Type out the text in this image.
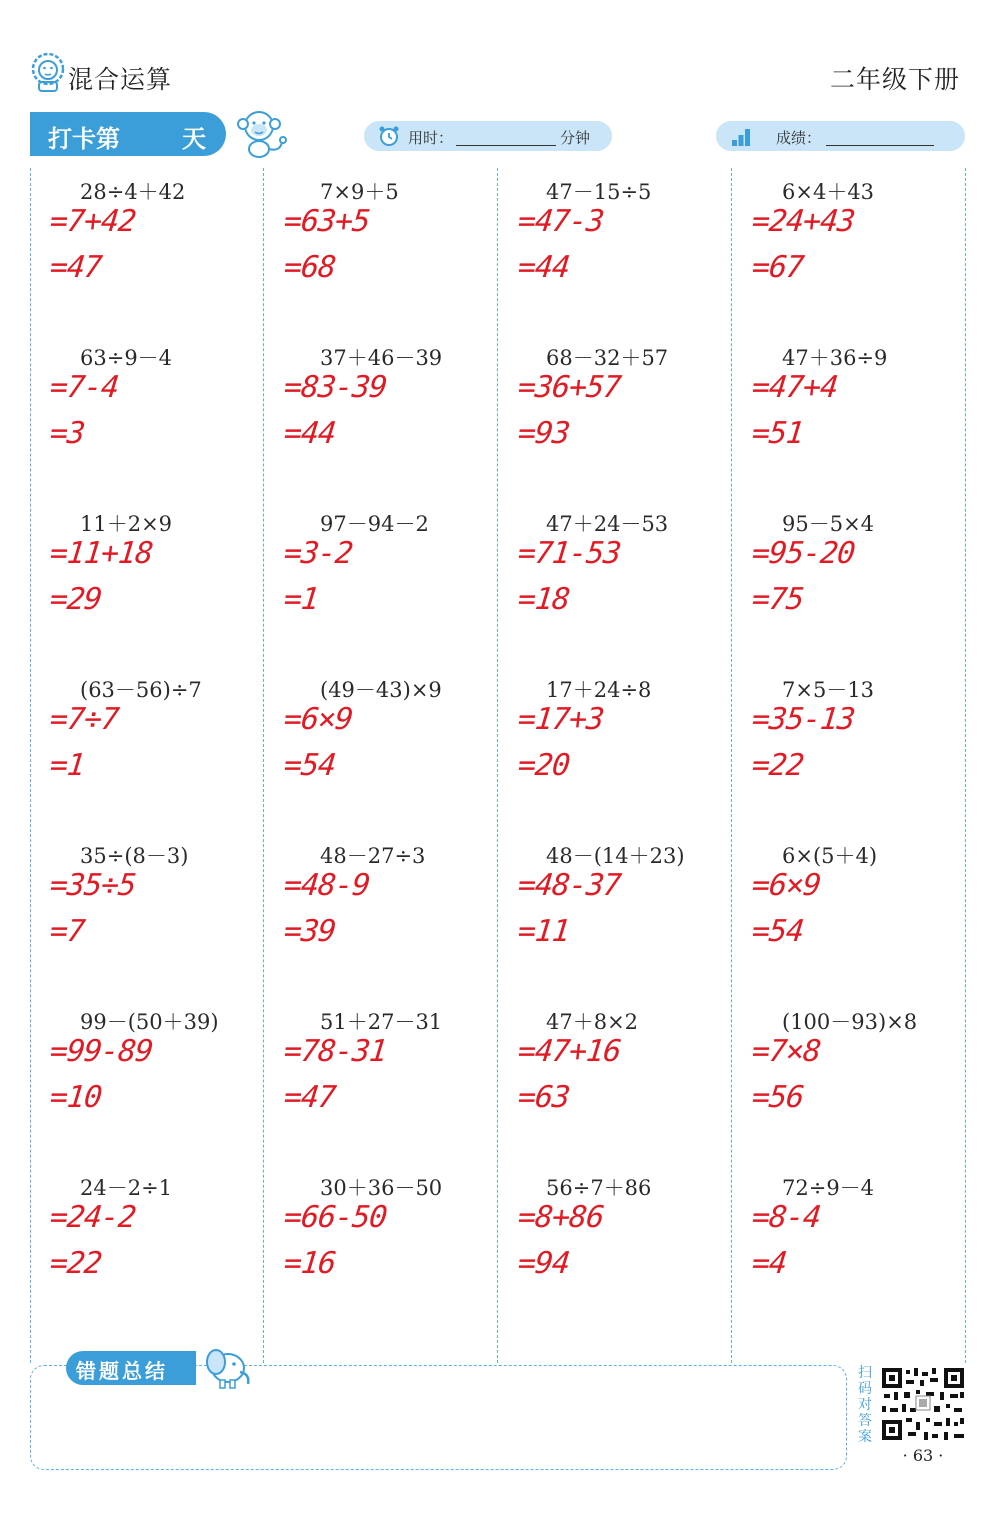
混合运算	二年级下册
打卡第	天	用时：	分钟	成绩：
28÷4＋42
=7+42
=47
7×9＋5
=63+5
=68
47－15÷5
=47-3
=44
6×4＋43
=24+43
=67
63÷9－4
=7-4
=3
37＋46－39
=83-39
=44
68－32＋57
=36+57
=93
47＋36÷9
=47+4
=51
11＋2×9
=11+18
=29
97－94－2
=3-2
=1
47＋24－53
=71-53
=18
95－5×4
=95-20
=75
(63－56)÷7
=7÷7
=1
(49－43)×9
=6×9
=54
17＋24÷8
=17+3
=20
7×5－13
=35-13
=22
35÷(8－3)
=35÷5
=7
48－27÷3
=48-9
=39
48－(14＋23)
=48-37
=11
6×(5＋4)
=6×9
=54
99－(50＋39)
=99-89
=10
51＋27－31
=78-31
=47
47＋8×2
=47+16
=63
(100－93)×8
=7×8
=56
24－2÷1
=24-2
=22
30＋36－50
=66-50
=16
56÷7＋86
=8+86
=94
72÷9－4
=8-4
=4
错题总结	扫码对答案
· 63 ·
